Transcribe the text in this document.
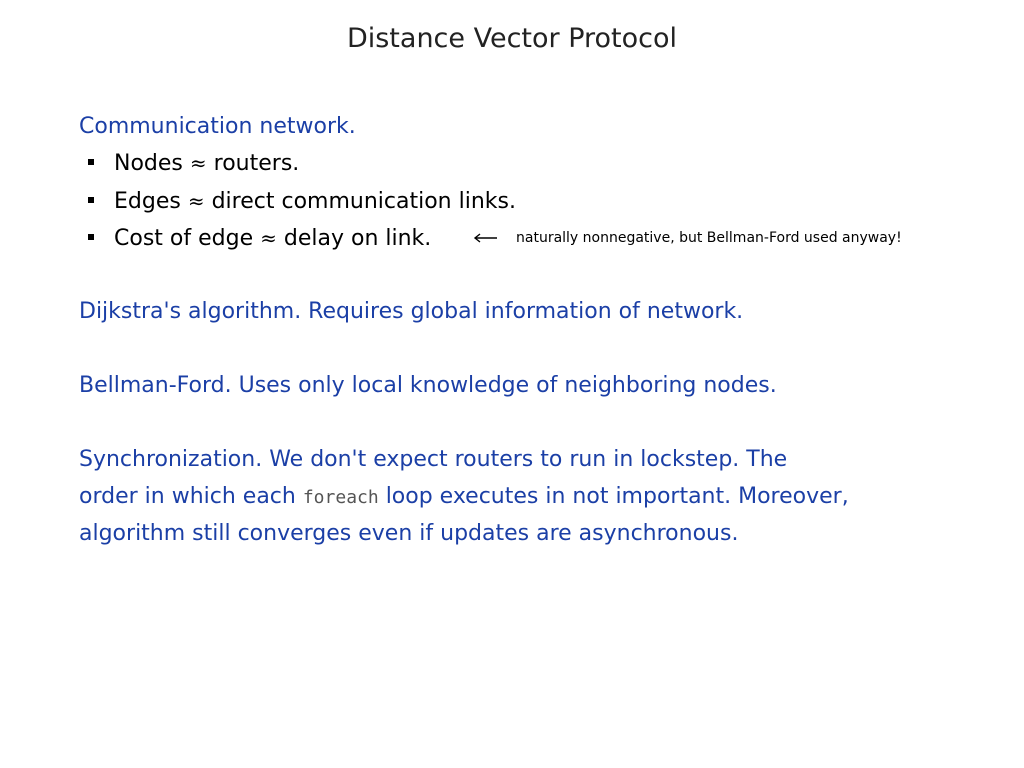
Distance Vector Protocol
Communication network.
Nodes ≈ routers.
Edges ≈ direct communication links.
Cost of edge ≈ delay on link.	naturally nonnegative, but Bellman-Ford used anyway!
Dijkstra's algorithm. Requires global information of network.
Bellman-Ford. Uses only local knowledge of neighboring nodes.
Synchronization. We don't expect routers to run in lockstep. The
order in which each foreach loop executes in not important. Moreover,
algorithm still converges even if updates are asynchronous.
